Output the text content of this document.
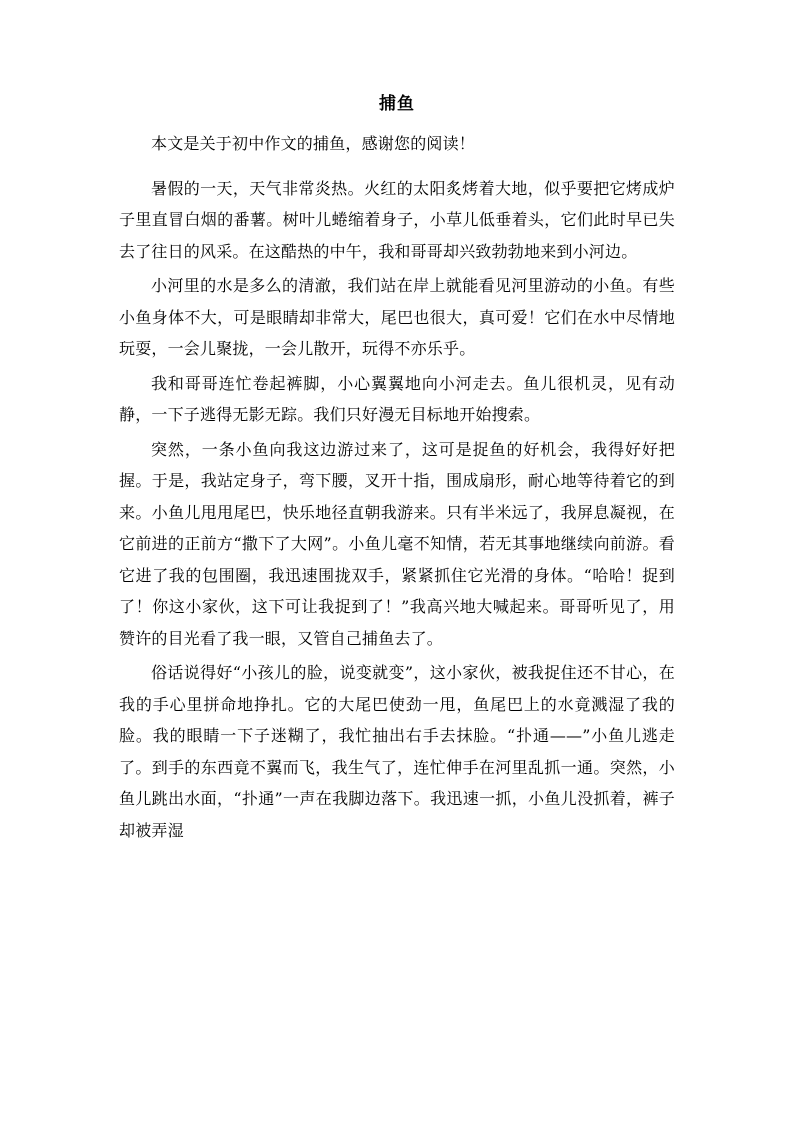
捕鱼

本文是关于初中作文的捕鱼，感谢您的阅读！

暑假的一天，天气非常炎热。火红的太阳炙烤着大地，似乎要把它烤成炉子里直冒白烟的番薯。树叶儿蜷缩着身子，小草儿低垂着头，它们此时早已失去了往日的风采。在这酷热的中午，我和哥哥却兴致勃勃地来到小河边。

小河里的水是多么的清澈，我们站在岸上就能看见河里游动的小鱼。有些小鱼身体不大，可是眼睛却非常大，尾巴也很大，真可爱！它们在水中尽情地玩耍，一会儿聚拢，一会儿散开，玩得不亦乐乎。

我和哥哥连忙卷起裤脚，小心翼翼地向小河走去。鱼儿很机灵，见有动静，一下子逃得无影无踪。我们只好漫无目标地开始搜索。

突然，一条小鱼向我这边游过来了，这可是捉鱼的好机会，我得好好把握。于是，我站定身子，弯下腰，叉开十指，围成扇形，耐心地等待着它的到来。小鱼儿甩甩尾巴，快乐地径直朝我游来。只有半米远了，我屏息凝视，在它前进的正前方“撒下了大网”。小鱼儿毫不知情，若无其事地继续向前游。看它进了我的包围圈，我迅速围拢双手，紧紧抓住它光滑的身体。“哈哈！捉到了！你这小家伙，这下可让我捉到了！”我高兴地大喊起来。哥哥听见了，用赞许的目光看了我一眼，又管自己捕鱼去了。

俗话说得好“小孩儿的脸，说变就变”，这小家伙，被我捉住还不甘心，在我的手心里拼命地挣扎。它的大尾巴使劲一甩，鱼尾巴上的水竟溅湿了我的脸。我的眼睛一下子迷糊了，我忙抽出右手去抹脸。“扑通——”小鱼儿逃走了。到手的东西竟不翼而飞，我生气了，连忙伸手在河里乱抓一通。突然，小鱼儿跳出水面，“扑通”一声在我脚边落下。我迅速一抓，小鱼儿没抓着，裤子却被弄湿
